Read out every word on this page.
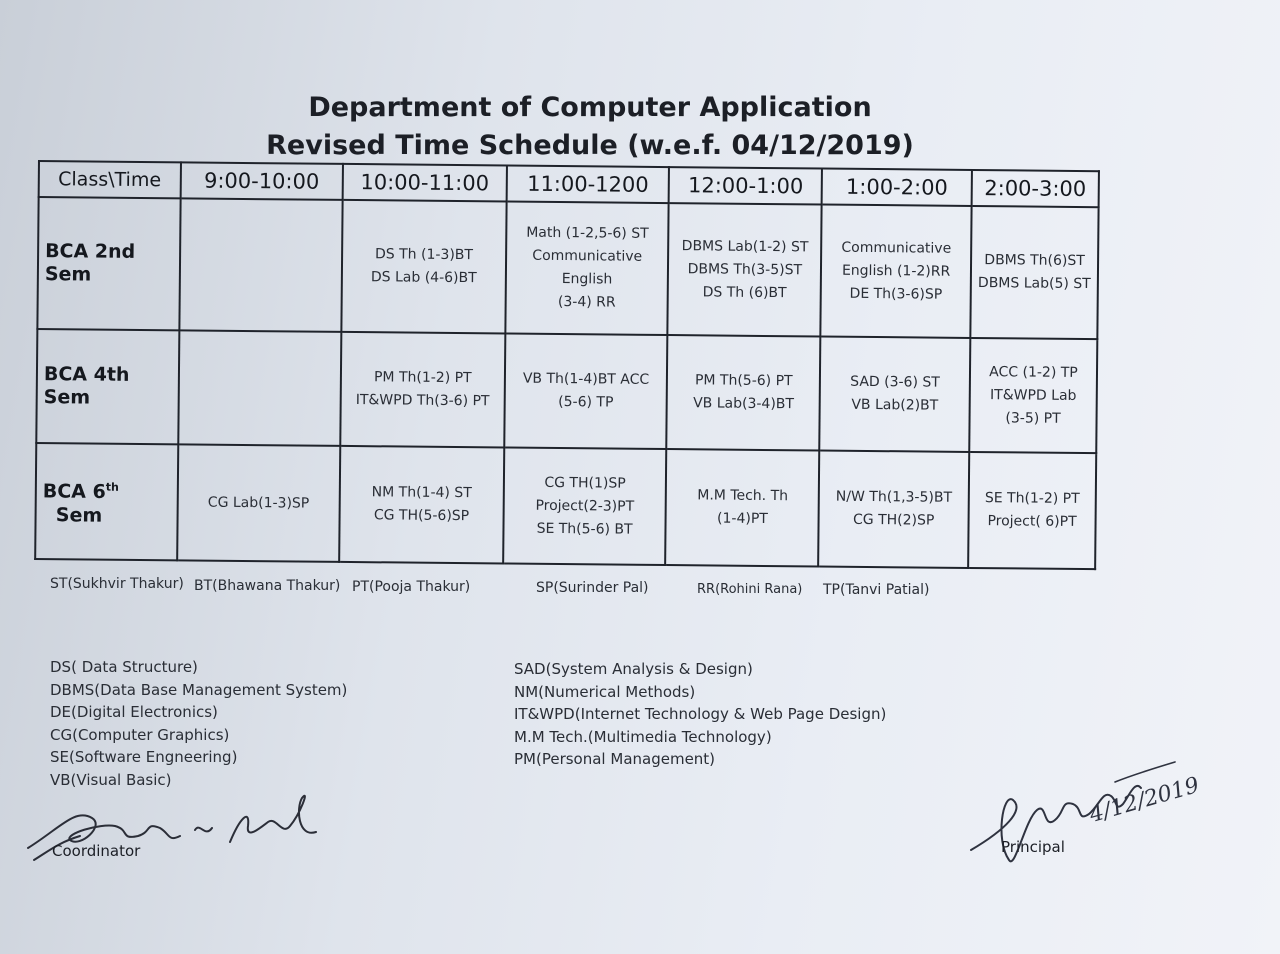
Department of Computer Application
Revised Time Schedule (w.e.f. 04/12/2019)
Class\Time	9:00-10:00	10:00-11:00	11:00-1200	12:00-1:00	1:00-2:00	2:00-3:00
BCA 2nd Sem		DS Th (1-3)BT
DS Lab (4-6)BT	Math (1-2,5-6) ST
Communicative
English
(3-4) RR	DBMS Lab(1-2) ST
DBMS Th(3-5)ST
DS Th (6)BT	Communicative
English (1-2)RR
DE Th(3-6)SP	DBMS Th(6)ST
DBMS Lab(5) ST

BCA 4th Sem		PM Th(1-2) PT
IT&WPD Th(3-6) PT	VB Th(1-4)BT ACC
(5-6) TP	PM Th(5-6) PT
VB Lab(3-4)BT	SAD (3-6) ST
VB Lab(2)BT	ACC (1-2) TP
IT&WPD Lab
(3-5) PT

BCA 6th  Sem	CG Lab(1-3)SP	NM Th(1-4) ST
CG TH(5-6)SP	CG TH(1)SP
Project(2-3)PT
SE Th(5-6) BT	M.M Tech. Th
(1-4)PT	N/W Th(1,3-5)BT
CG TH(2)SP	SE Th(1-2) PT
Project( 6)PT
ST(Sukhvir Thakur) BT(Bhawana Thakur) PT(Pooja Thakur)	SP(Surinder Pal)	RR(Rohini Rana) TP(Tanvi Patial)
DS( Data Structure)
DBMS(Data Base Management System)
DE(Digital Electronics)
CG(Computer Graphics)
SE(Software Engneering)
VB(Visual Basic)
SAD(System Analysis & Design)
NM(Numerical Methods)
IT&WPD(Internet Technology & Web Page Design)
M.M Tech.(Multimedia Technology)
PM(Personal Management)
Coordinator
4/12/2019
Principal
